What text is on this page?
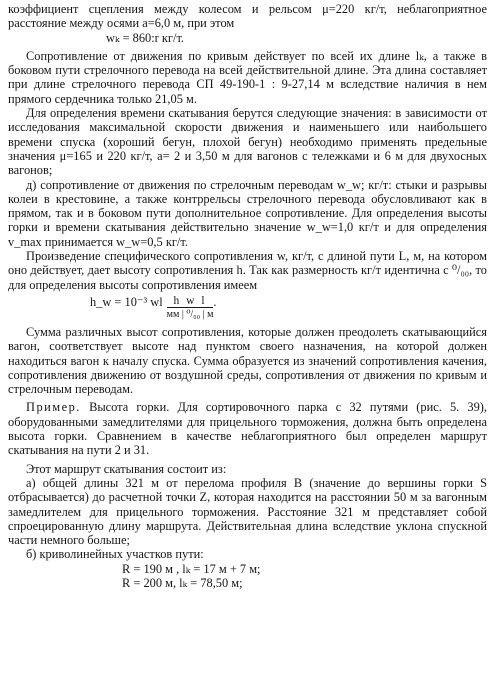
коэффициент сцепления между колесом и рельсом μ=220 кг/т, неблагоприятное расстояние между осями a=6,0 м, при этом

wₖ = 860:r кг/т.

Сопротивление от движения по кривым действует по всей их длине lₖ, а также в боковом пути стрелочного перевода на всей действительной длине. Эта длина составляет при длине стрелочного перевода СП 49-190-1 : 9-27,14 м вследствие наличия в нем прямого сердечника только 21,05 м.

Для определения времени скатывания берутся следующие значения: в зависимости от исследования максимальной скорости движения и наименьшего или наибольшего времени спуска (хороший бегун, плохой бегун) необходимо применять предельные значения μ=165 и 220 кг/т, a= 2 и 3,50 м для вагонов с тележками и 6 м для двухосных вагонов;

д) сопротивление от движения по стрелочным переводам w_w; кг/т: стыки и разрывы колеи в крестовине, а также контррельсы стрелочного перевода обусловливают как в прямом, так и в боковом пути дополнительное сопротивление. Для определения высоты горки и времени скатывания действительно значение w_w=1,0 кг/т и для определения v_max принимается w_w=0,5 кг/т.

Произведение специфического сопротивления w, кг/т, с длиной пути L, м, на котором оно действует, дает высоту сопротивления h. Так как размерность кг/т идентична с ⁰/₀₀, то для определения высоты сопротивления имеем

h_w = 10⁻³ wl $\frac{\text{h w l}}{\text{мм | ⁰/₀₀ | м}}$ .

Сумма различных высот сопротивления, которые должен преодолеть скатывающийся вагон, соответствует высоте над пунктом своего назначения, на которой должен находиться вагон к началу спуска. Сумма образуется из значений сопротивления качения, сопротивления движению от воздушной среды, сопротивления от движения по кривым и стрелочным переводам.

Пример. Высота горки. Для сортировочного парка с 32 путями (рис. 5. 39), оборудованными замедлителями для прицельного торможения, должна быть определена высота горки. Сравнением в качестве неблагоприятного был определен маршрут скатывания на пути 2 и 31.

Этот маршрут скатывания состоит из:

а) общей длины 321 м от перелома профиля B (значение до вершины горки S отбрасывается) до расчетной точки Z, которая находится на расстоянии 50 м за вагонным замедлителем для прицельного торможения. Расстояние 321 м представляет собой спроецированную длину маршрута. Действительная длина вследствие уклона спускной части немного больше;

б) криволинейных участков пути:

R = 190 м , lₖ = 17 м + 7 м;

R = 200 м, lₖ = 78,50 м;
